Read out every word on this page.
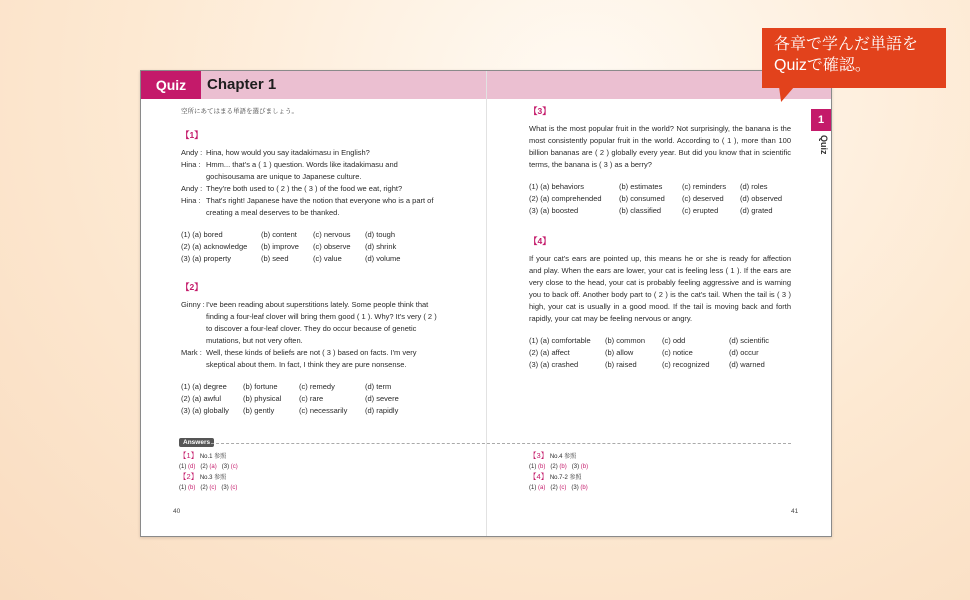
Quiz	Chapter 1
空所にあてはまる単語を選びましょう。
1
Quiz
【1】
Andy : Hina, how would you say itadakimasu in English?
Hina : Hmm... that's a ( 1 ) question. Words like itadakimasu and gochisousama are unique to Japanese culture.
Andy : They're both used to ( 2 ) the ( 3 ) of the food we eat, right?
Hina : That's right! Japanese have the notion that everyone who is a part of creating a meal deserves to be thanked.
(1) (a) bored	(b) content	(c) nervous	(d) tough
(2) (a) acknowledge	(b) improve	(c) observe	(d) shrink
(3) (a) property	(b) seed	(c) value	(d) volume
【2】
Ginny : I've been reading about superstitions lately. Some people think that finding a four-leaf clover will bring them good ( 1 ). Why? It's very ( 2 ) to discover a four-leaf clover. They do occur because of genetic mutations, but not very often.
Mark : Well, these kinds of beliefs are not ( 3 ) based on facts. I'm very skeptical about them. In fact, I think they are pure nonsense.
(1) (a) degree	(b) fortune	(c) remedy	(d) term
(2) (a) awful	(b) physical	(c) rare	(d) severe
(3) (a) globally	(b) gently	(c) necessarily	(d) rapidly
【3】
What is the most popular fruit in the world? Not surprisingly, the banana is the most consistently popular fruit in the world. According to ( 1 ), more than 100 billion bananas are ( 2 ) globally every year. But did you know that in scientific terms, the banana is ( 3 ) as a berry?
(1) (a) behaviors	(b) estimates	(c) reminders	(d) roles
(2) (a) comprehended	(b) consumed	(c) deserved	(d) observed
(3) (a) boosted	(b) classified	(c) erupted	(d) grated
【4】
If your cat's ears are pointed up, this means he or she is ready for affection and play. When the ears are lower, your cat is feeling less ( 1 ). If the ears are very close to the head, your cat is probably feeling aggressive and is warning you to back off. Another body part to ( 2 ) is the cat's tail. When the tail is ( 3 ) high, your cat is usually in a good mood. If the tail is moving back and forth rapidly, your cat may be feeling nervous or angry.
(1) (a) comfortable	(b) common	(c) odd	(d) scientific
(2) (a) affect	(b) allow	(c) notice	(d) occur
(3) (a) crashed	(b) raised	(c) recognized	(d) warned
Answers
【1】 No.1 参照
(1) (d) (2) (a) (3) (c)
【2】 No.3 参照
(1) (b) (2) (c) (3) (c)
【3】 No.4 参照
(1) (b) (2) (b) (3) (b)
【4】 No.7-2 参照
(1) (a) (2) (c) (3) (b)
40	41
各章で学んだ単語を
Quizで確認。
